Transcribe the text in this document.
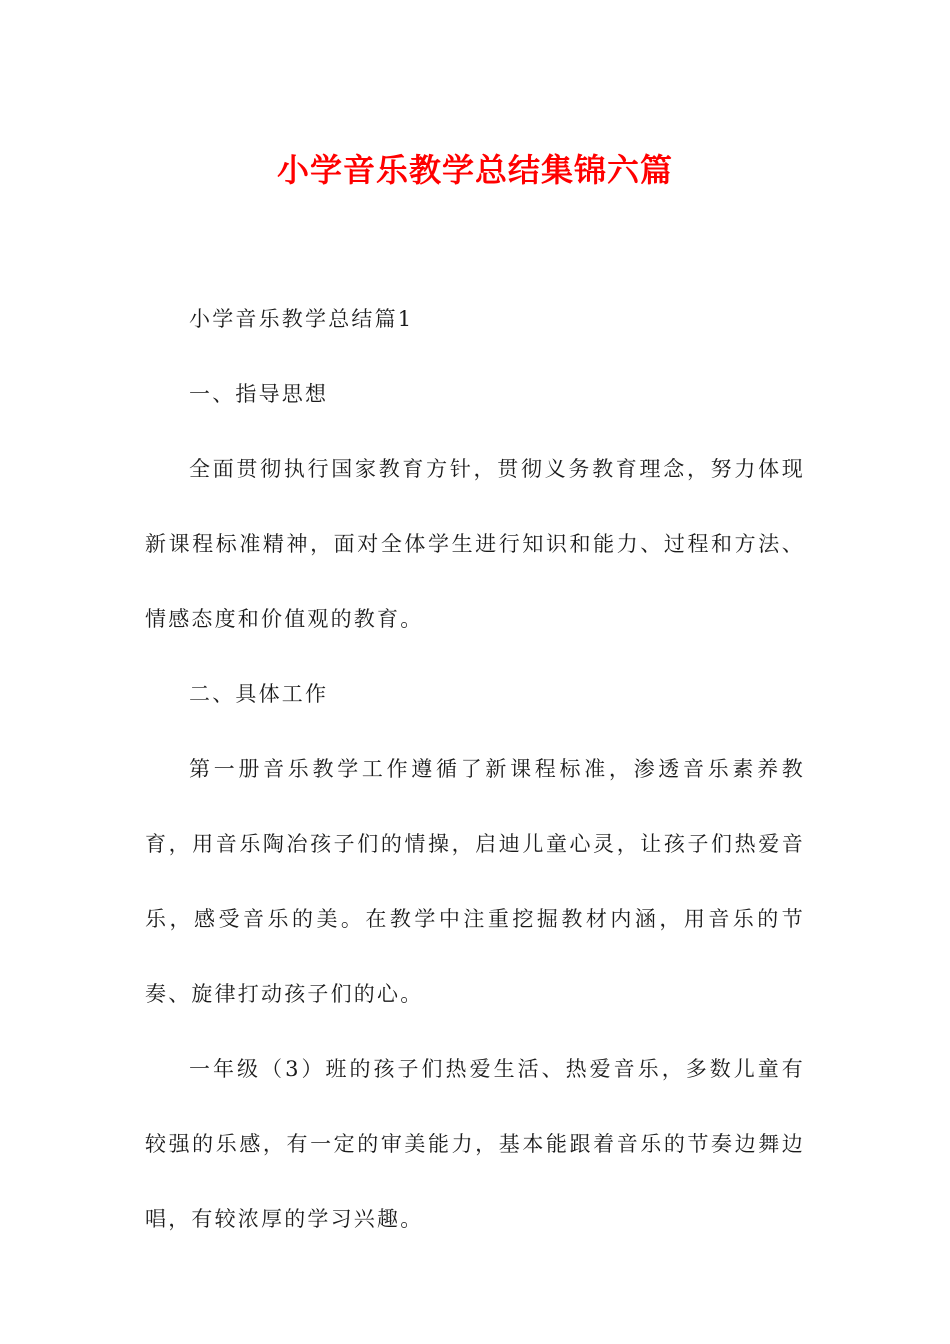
小学音乐教学总结集锦六篇

小学音乐教学总结篇1

一、指导思想

全面贯彻执行国家教育方针，贯彻义务教育理念，努力体现新课程标准精神，面对全体学生进行知识和能力、过程和方法、情感态度和价值观的教育。

二、具体工作

第一册音乐教学工作遵循了新课程标准，渗透音乐素养教育，用音乐陶冶孩子们的情操，启迪儿童心灵，让孩子们热爱音乐，感受音乐的美。在教学中注重挖掘教材内涵，用音乐的节奏、旋律打动孩子们的心。

一年级（3）班的孩子们热爱生活、热爱音乐，多数儿童有较强的乐感，有一定的审美能力，基本能跟着音乐的节奏边舞边唱，有较浓厚的学习兴趣。
